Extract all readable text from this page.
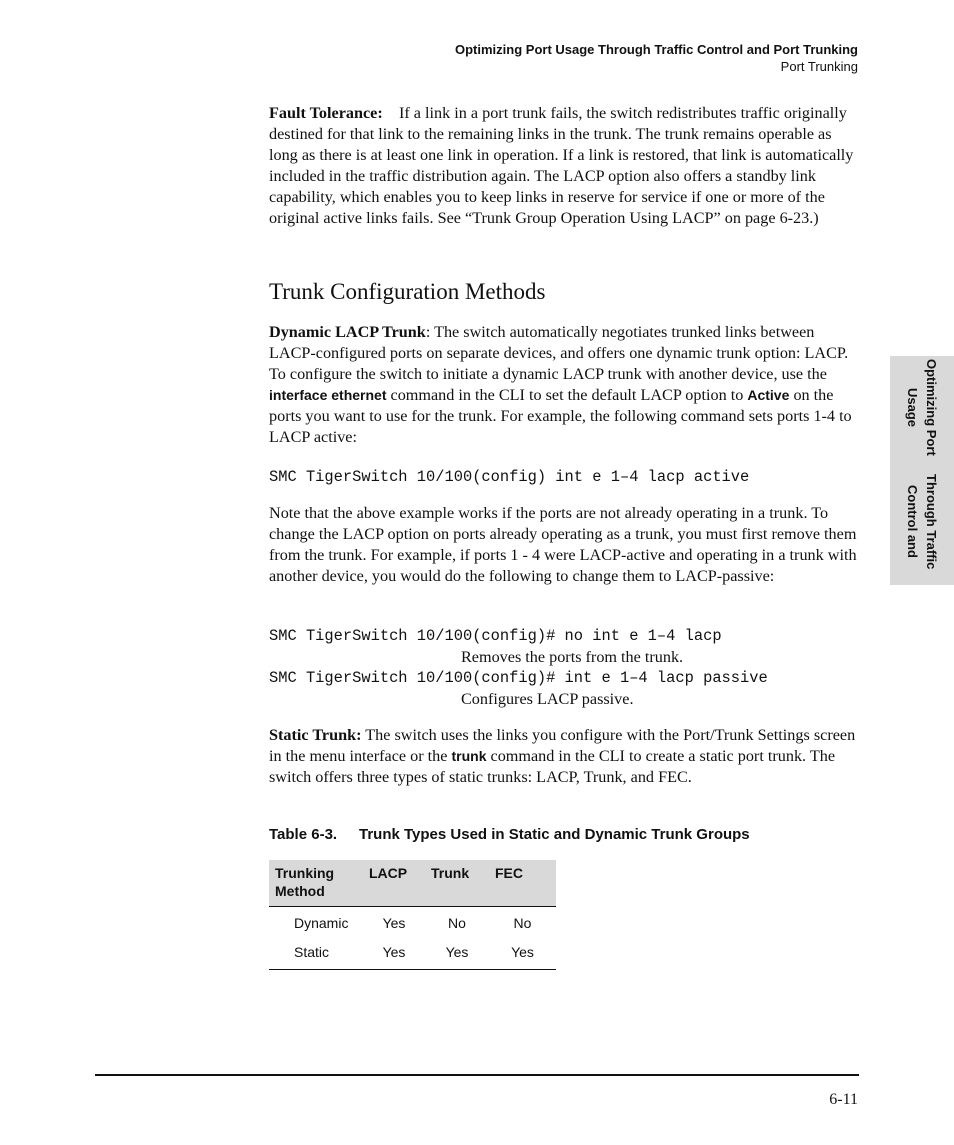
Optimizing Port Usage Through Traffic Control and Port Trunking
Port Trunking
Optimizing Port Usage

Through Traffic Control and

Fault Tolerance: If a link in a port trunk fails, the switch redistributes traffic originally destined for that link to the remaining links in the trunk. The trunk remains operable as long as there is at least one link in operation. If a link is restored, that link is automatically included in the traffic distribution again. The LACP option also offers a standby link capability, which enables you to keep links in reserve for service if one or more of the original active links fails. See “Trunk Group Operation Using LACP” on page 6-23.)

Trunk Configuration Methods

Dynamic LACP Trunk: The switch automatically negotiates trunked links between LACP-configured ports on separate devices, and offers one dynamic trunk option: LACP. To configure the switch to initiate a dynamic LACP trunk with another device, use the interface ethernet command in the CLI to set the default LACP option to Active on the ports you want to use for the trunk. For example, the following command sets ports 1-4 to LACP active:

SMC TigerSwitch 10/100(config) int e 1–4 lacp active

Note that the above example works if the ports are not already operating in a trunk. To change the LACP option on ports already operating as a trunk, you must first remove them from the trunk. For example, if ports 1 - 4 were LACP-active and operating in a trunk with another device, you would do the following to change them to LACP-passive:

SMC TigerSwitch 10/100(config)# no int e 1–4 lacp
Removes the ports from the trunk.
SMC TigerSwitch 10/100(config)# int e 1–4 lacp passive
Configures LACP passive.

Static Trunk: The switch uses the links you configure with the Port/Trunk Settings screen in the menu interface or the trunk command in the CLI to create a static port trunk. The switch offers three types of static trunks: LACP, Trunk, and FEC.

Table 6-3. Trunk Types Used in Static and Dynamic Trunk Groups
Trunking Method	LACP	Trunk	FEC
Dynamic	Yes	No	No
Static	Yes	Yes	Yes
6-11
